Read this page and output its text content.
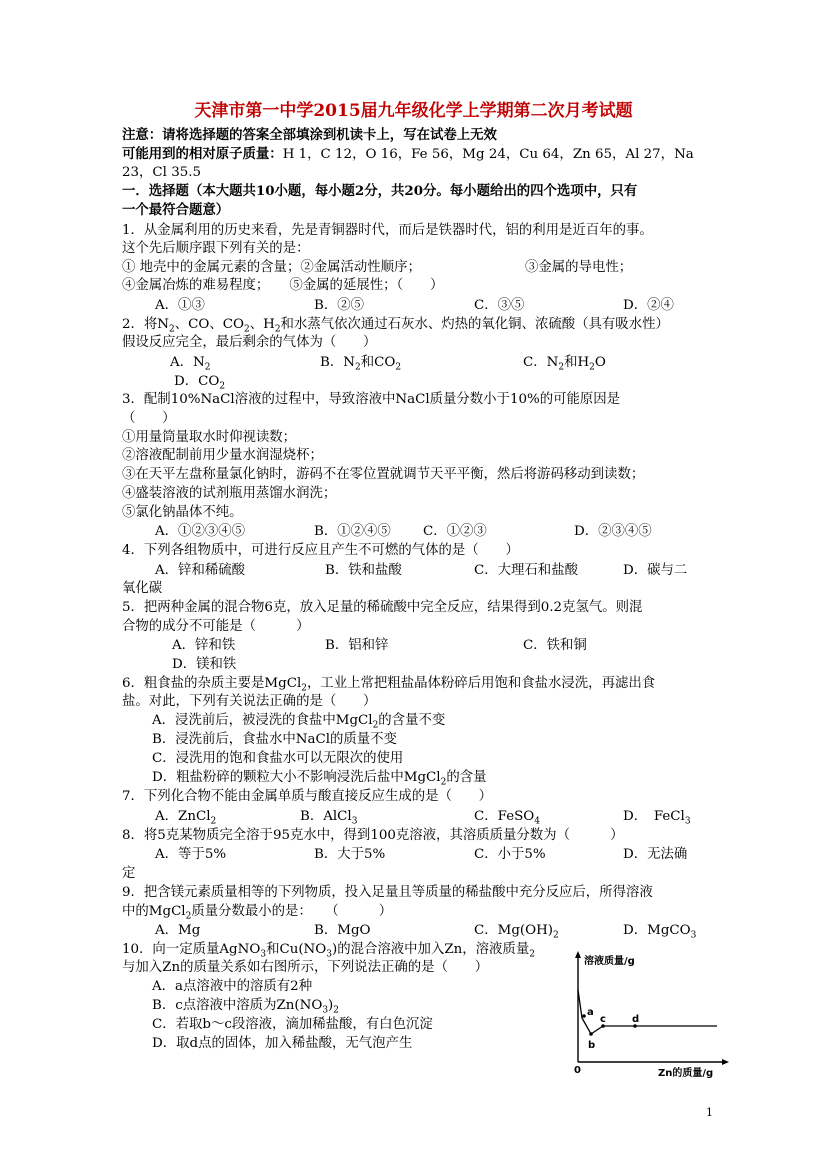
天津市第一中学2015届九年级化学上学期第二次月考试题
注意：请将选择题的答案全部填涂到机读卡上，写在试卷上无效
可能用到的相对原子质量：H 1，C 12，O 16，Fe 56，Mg 24，Cu 64，Zn 65，Al 27，Na
23，Cl 35.5
一．选择题（本大题共10小题，每小题2分，共20分。每小题给出的四个选项中，只有
一个最符合题意）
1．从金属利用的历史来看，先是青铜器时代，而后是铁器时代，铝的利用是近百年的事。
这个先后顺序跟下列有关的是：
① 地壳中的金属元素的含量；②金属活动性顺序；	③金属的导电性；
④金属冶炼的难易程度；　　⑤金属的延展性；（　　）
A．①③	B．②⑤	C．③⑤	D．②④
2．将$N_2$、CO、$CO_2$、$H_2$和水蒸气依次通过石灰水、灼热的氧化铜、浓硫酸（具有吸水性）
假设反应完全，最后剩余的气体为（　　）
A．$N_2$	B．$N_2$和$CO_2$	C．$N_2$和$H_2O$
D．$CO_2$
3．配制10%NaCl溶液的过程中，导致溶液中NaCl质量分数小于10%的可能原因是
（　　）
①用量筒量取水时仰视读数；
②溶液配制前用少量水润湿烧杯；
③在天平左盘称量氯化钠时，游码不在零位置就调节天平平衡，然后将游码移动到读数；
④盛装溶液的试剂瓶用蒸馏水润洗；
⑤氯化钠晶体不纯。
A．①②③④⑤	B．①②④⑤ C．①②③	D．②③④⑤
4．下列各组物质中，可进行反应且产生不可燃的气体的是（　　）
A．锌和稀硫酸	B．铁和盐酸	C．大理石和盐酸	D．碳与二
氧化碳
5．把两种金属的混合物6克，放入足量的稀硫酸中完全反应，结果得到0.2克氢气。则混
合物的成分不可能是（　　　）
A．锌和铁	B．铝和锌	C．铁和铜
D．镁和铁
6．粗食盐的杂质主要是MgCl$_2$，工业上常把粗盐晶体粉碎后用饱和食盐水浸洗，再滤出食
盐。对此，下列有关说法正确的是（　　）
A．浸洗前后，被浸洗的食盐中MgCl$_2$的含量不变
B．浸洗前后，食盐水中NaCl的质量不变
C．浸洗用的饱和食盐水可以无限次的使用
D．粗盐粉碎的颗粒大小不影响浸洗后盐中MgCl$_2$的含量
7．下列化合物不能由金属单质与酸直接反应生成的是（　　）
A．ZnCl$_2$	B．AlCl$_3$	C．FeSO$_4$	D．　FeCl$_3$
8．将5克某物质完全溶于95克水中，得到100克溶液，其溶质质量分数为（　　　）
A．等于5%	B．大于5%	C．小于5%	D．无法确
定
9．把含镁元素质量相等的下列物质，投入足量且等质量的稀盐酸中充分反应后，所得溶液
中的MgCl$_2$质量分数最小的是：　　（　　　）
A．Mg	B．MgO	C．$Mg(OH)_2$	D．MgCO$_3$
10．向一定质量AgNO$_3$和$Cu(NO_3)$的混合溶液中加入Zn，溶液质量$_2$
与加入Zn的质量关系如右图所示，下列说法正确的是（　　）
A．a点溶液中的溶质有2种
B．c点溶液中溶质为$Zn(NO_3)_2$
C．若取b～c段溶液，滴加稀盐酸，有白色沉淀
D．取d点的固体，加入稀盐酸，无气泡产生
溶液质量/g
Zn的质量/g
0
a
b
c	d
1
